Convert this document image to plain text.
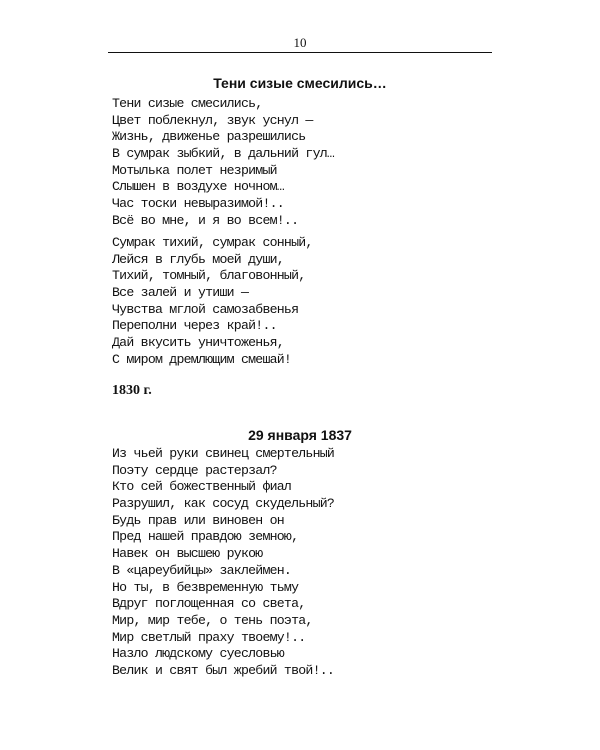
10
Тени сизые смесились…
Тени сизые смесились,
Цвет поблекнул, звук уснул —
Жизнь, движенье разрешились
В сумрак зыбкий, в дальний гул…
Мотылька полет незримый
Слышен в воздухе ночном…
Час тоски невыразимой!..
Всё во мне, и я во всем!..
Сумрак тихий, сумрак сонный,
Лейся в глубь моей души,
Тихий, томный, благовонный,
Все залей и утиши —
Чувства мглой самозабвенья
Переполни через край!..
Дай вкусить уничтоженья,
С миром дремлющим смешай!
1830 г.
29 января 1837
Из чьей руки свинец смертельный
Поэту сердце растерзал?
Кто сей божественный фиал
Разрушил, как сосуд скудельный?
Будь прав или виновен он
Пред нашей правдою земною,
Навек он высшею рукою
В «цареубийцы» заклеймен.
Но ты, в безвременную тьму
Вдруг поглощенная со света,
Мир, мир тебе, о тень поэта,
Мир светлый праху твоему!..
Назло людскому суесловью
Велик и свят был жребий твой!..
